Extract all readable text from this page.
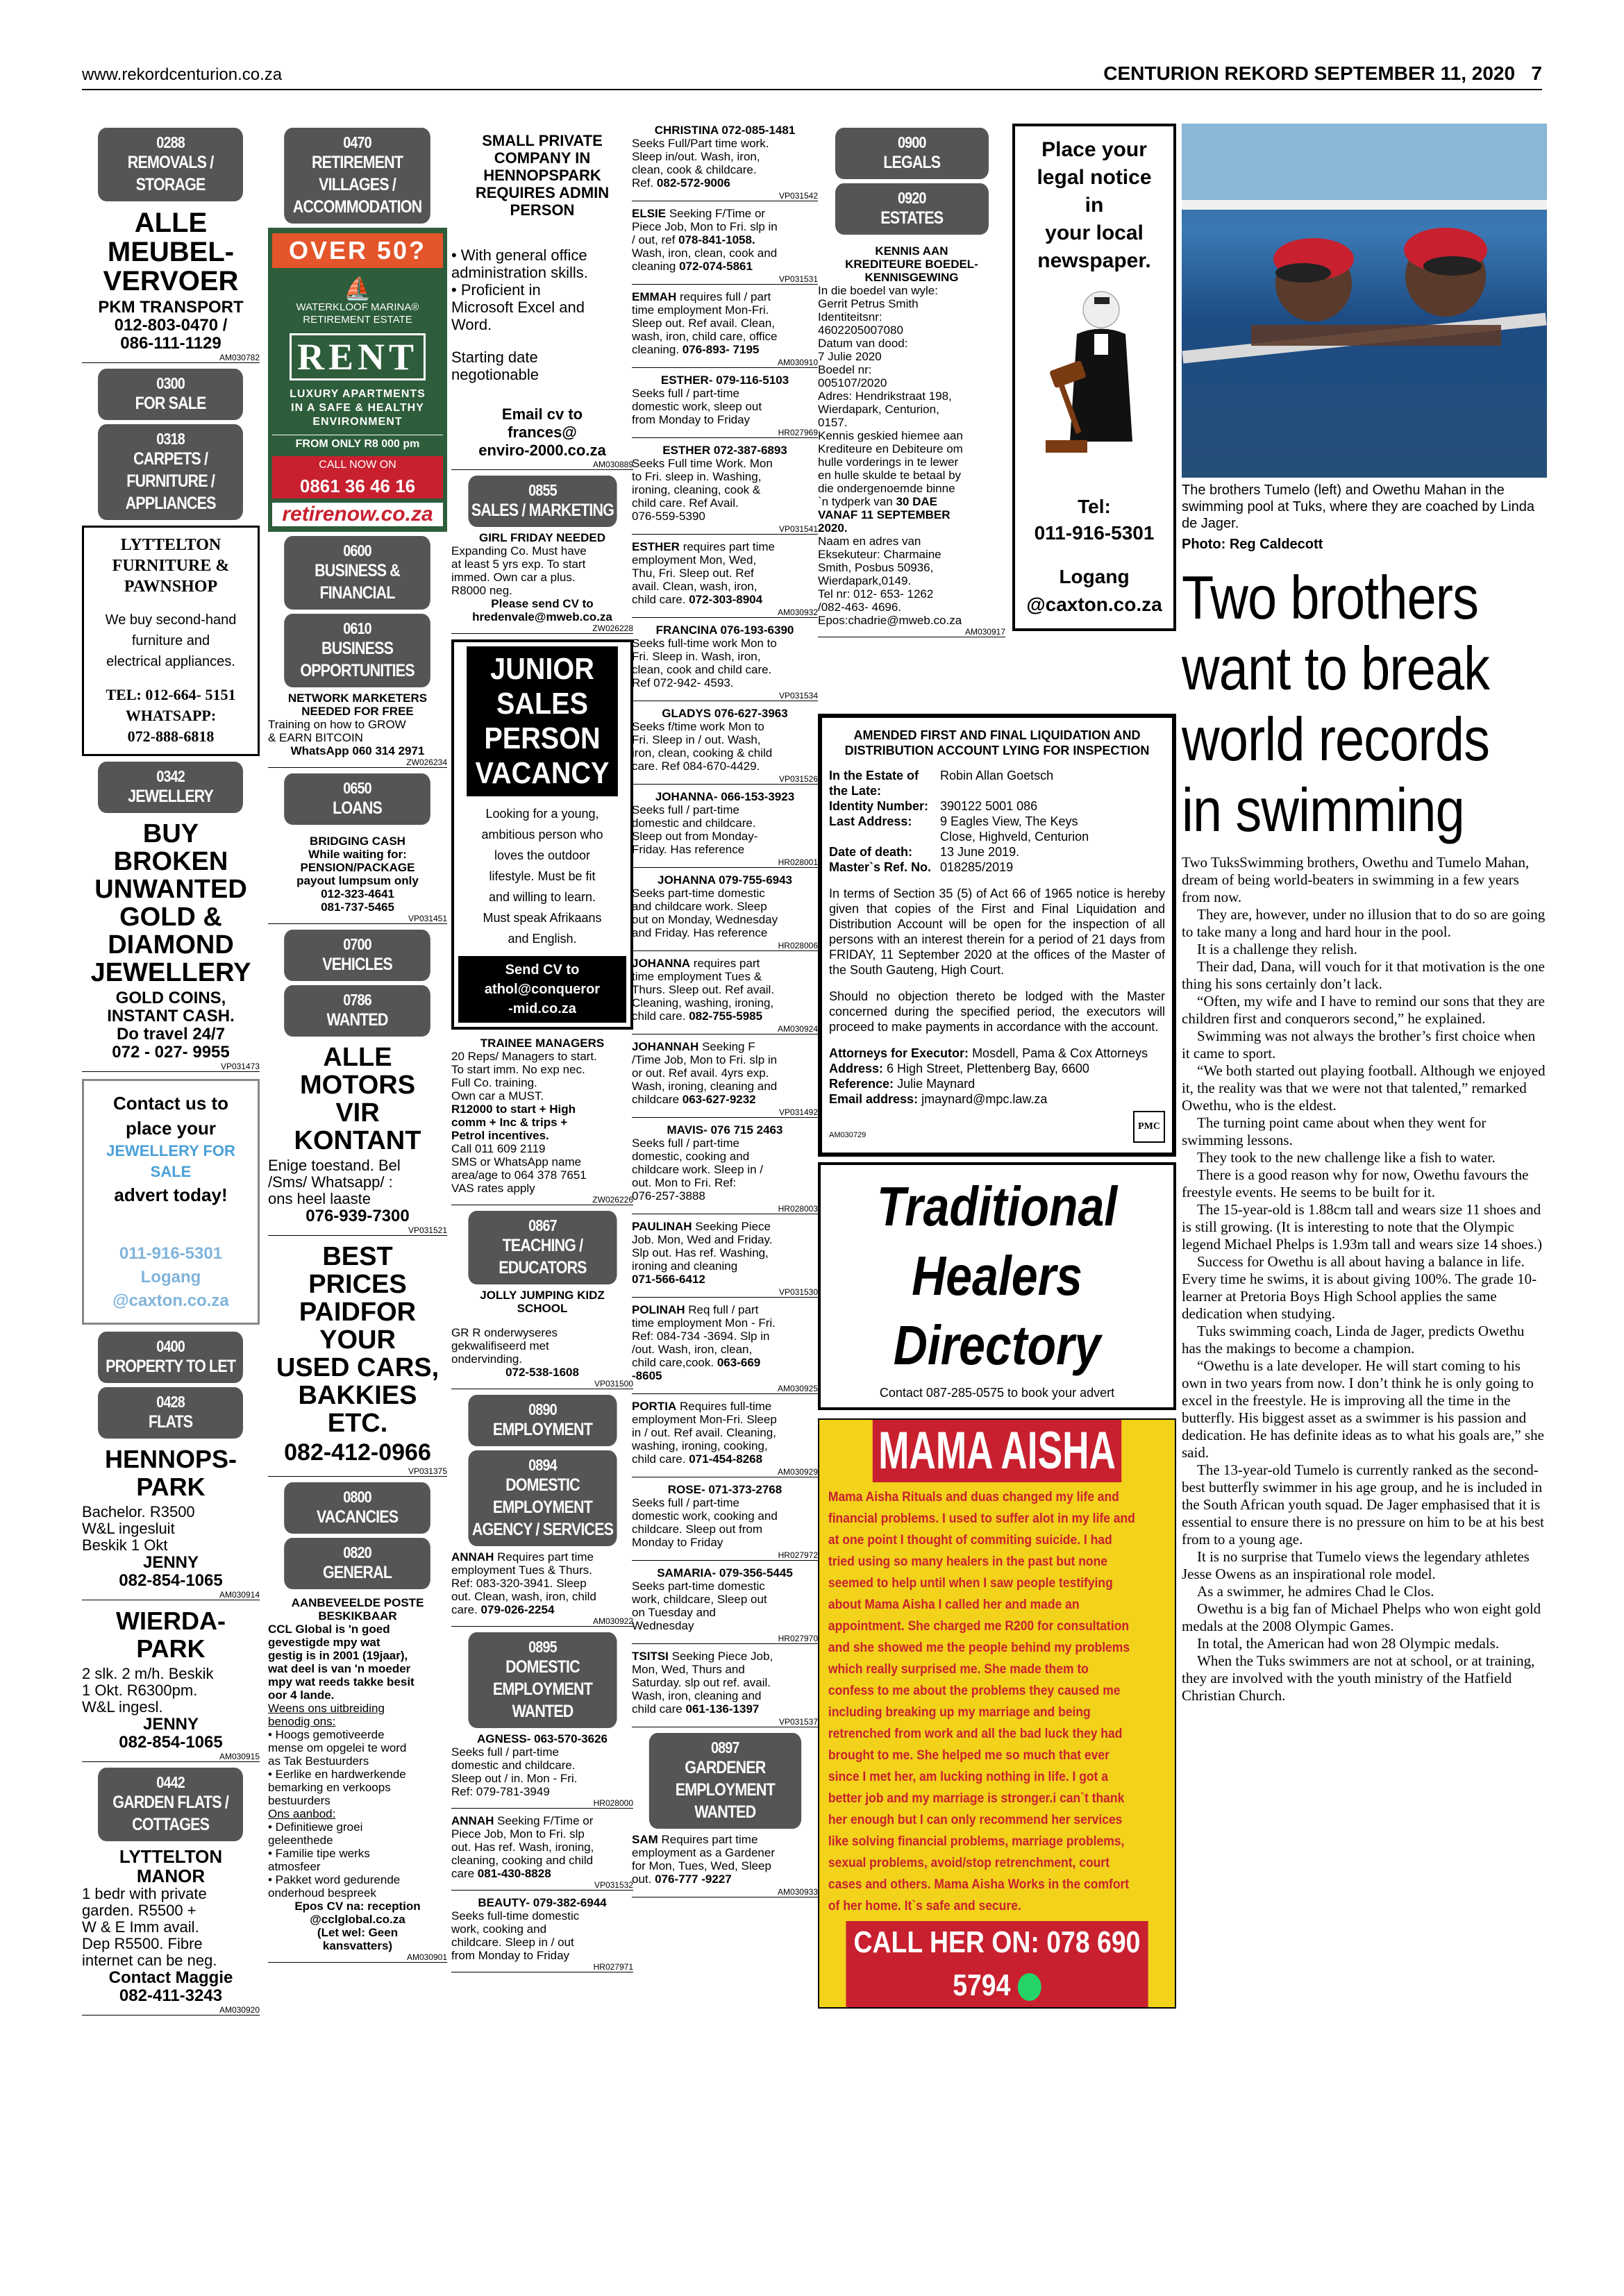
www.rekordcenturion.co.za	CENTURION REKORD SEPTEMBER 11, 2020 7
0288
REMOVALS /
STORAGE
ALLE
MEUBEL-
VERVOER
PKM TRANSPORT
012-803-0470 /
086-111-1129
AM030782
0300
FOR SALE
0318
CARPETS /
FURNITURE /
APPLIANCES
LYTTELTON
FURNITURE &
PAWNSHOP
We buy second-hand
furniture and
electrical appliances.
TEL: 012-664- 5151
WHATSAPP:
072-888-6818
0342
JEWELLERY
BUY
BROKEN
UNWANTED
GOLD &
DIAMOND
JEWELLERY
GOLD COINS,
INSTANT CASH.
Do travel 24/7
072 - 027- 9955
VP031473
Contact us to
place your
JEWELLERY FOR SALE
advert today!
011-916-5301
Logang
@caxton.co.za
0400
PROPERTY TO LET
0428
FLATS
HENNOPS-
PARK
Bachelor. R3500
W&L ingesluit
Beskik 1 Okt
JENNY
082-854-1065
AM030914
WIERDA-
PARK
2 slk. 2 m/h. Beskik
1 Okt. R6300pm.
W&L ingesl.
JENNY
082-854-1065
AM030915
0442
GARDEN FLATS /
COTTAGES
LYTTELTON
MANOR
1 bedr with private
garden. R5500 +
W & E Imm avail.
Dep R5500. Fibre
internet can be neg.
Contact Maggie
082-411-3243
AM030920
0470
RETIREMENT
VILLAGES /
ACCOMMODATION
OVER 50?
⛵
WATERKLOOF MARINA®
RETIREMENT ESTATE
RENT
LUXURY APARTMENTS
IN A SAFE & HEALTHY
ENVIRONMENT
FROM ONLY R8 000 pm
CALL NOW ON
0861 36 46 16
retirenow.co.za
0600
BUSINESS &
FINANCIAL
0610
BUSINESS
OPPORTUNITIES
NETWORK MARKETERS
NEEDED FOR FREE
Training on how to GROW
& EARN BITCOIN
WhatsApp 060 314 2971
ZW026234
0650
LOANS
BRIDGING CASH
While waiting for:
PENSION/PACKAGE
payout lumpsum only
012-323-4641
081-737-5465
VP031451
0700
VEHICLES
0786
WANTED
ALLE
MOTORS
VIR
KONTANT
Enige toestand. Bel
/Sms/ Whatsapp/ :
ons heel laaste
076-939-7300
VP031521
BEST
PRICES
PAIDFOR
YOUR
USED CARS,
BAKKIES
ETC.
082-412-0966
VP031375
0800
VACANCIES
0820
GENERAL
AANBEVEELDE POSTE
BESKIKBAAR
CCL Global is 'n goed
gevestigde mpy wat
gestig is in 2001 (19jaar),
wat deel is van 'n moeder
mpy wat reeds takke besit
oor 4 lande.
Weens ons uitbreiding
benodig ons:
• Hoogs gemotiveerde
mense om opgelei te word
as Tak Bestuurders
• Eerlike en hardwerkende
bemarking en verkoops
bestuurders
Ons aanbod:
• Definitiewe groei
geleenthede
• Familie tipe werks
atmosfeer
• Pakket word gedurende
onderhoud bespreek
Epos CV na: reception
@cclglobal.co.za
(Let wel: Geen
kansvatters)
AM030901
SMALL PRIVATE
COMPANY IN
HENNOPSPARK
REQUIRES ADMIN
PERSON
• With general office
administration skills.
• Proficient in
Microsoft Excel and
Word.
Starting date
negotionable
Email cv to
frances@
enviro-2000.co.za
AM030889
0855
SALES / MARKETING
GIRL FRIDAY NEEDED
Expanding Co. Must have
at least 5 yrs exp. To start
immed. Own car a plus.
R8000 neg.
Please send CV to
hredenvale@mweb.co.za
ZW026228
JUNIOR
SALES
PERSON
VACANCY
Looking for a young,
ambitious person who
loves the outdoor
lifestyle. Must be fit
and willing to learn.
Must speak Afrikaans
and English.
Send CV to
athol@conqueror
-mid.co.za
TRAINEE MANAGERS
20 Reps/ Managers to start.
To start imm. No exp nec.
Full Co. training.
Own car a MUST.
R12000 to start + High
comm + Inc & trips +
Petrol incentives.
Call 011 609 2119
SMS or WhatsApp name
area/age to 064 378 7651
VAS rates apply
ZW026226
0867
TEACHING /
EDUCATORS
JOLLY JUMPING KIDZ
SCHOOL
GR R onderwyseres
gekwalifiseerd met
ondervinding.
072-538-1608
VP031500
0890
EMPLOYMENT
0894
DOMESTIC
EMPLOYMENT
AGENCY / SERVICES
ANNAH Requires part time
employment Tues & Thurs.
Ref: 083-320-3941. Sleep
out. Clean, wash, iron, child
care. 079-026-2254
AM030922
0895
DOMESTIC
EMPLOYMENT
WANTED
AGNESS- 063-570-3626
Seeks full / part-time
domestic and childcare.
Sleep out / in. Mon - Fri.
Ref: 079-781-3949
HR028000
ANNAH Seeking F/Time or
Piece Job, Mon to Fri. slp
out. Has ref. Wash, ironing,
cleaning, cooking and child
care 081-430-8828
VP031532
BEAUTY- 079-382-6944
Seeks full-time domestic
work, cooking and
childcare. Sleep in / out
from Monday to Friday
HR027971
CHRISTINA 072-085-1481
Seeks Full/Part time work.
Sleep in/out. Wash, iron,
clean, cook & childcare.
Ref. 082-572-9006
VP031542
ELSIE Seeking F/Time or
Piece Job, Mon to Fri. slp in
/ out, ref 078-841-1058.
Wash, iron, clean, cook and
cleaning 072-074-5861
VP031531
EMMAH requires full / part
time employment Mon-Fri.
Sleep out. Ref avail. Clean,
wash, iron, child care, office
cleaning. 076-893- 7195
AM030910
ESTHER- 079-116-5103
Seeks full / part-time
domestic work, sleep out
from Monday to Friday
HR027969
ESTHER 072-387-6893
Seeks Full time Work. Mon
to Fri. sleep in. Washing,
ironing, cleaning, cook &
child care. Ref Avail.
076-559-5390
VP031541
ESTHER requires part time
employment Mon, Wed,
Thu, Fri. Sleep out. Ref
avail. Clean, wash, iron,
child care. 072-303-8904
AM030932
FRANCINA 076-193-6390
Seeks full-time work Mon to
Fri. Sleep in. Wash, iron,
clean, cook and child care.
Ref 072-942- 4593.
VP031534
GLADYS 076-627-3963
Seeks f/time work Mon to
Fri. Sleep in / out. Wash,
iron, clean, cooking & child
care. Ref 084-670-4429.
VP031526
JOHANNA- 066-153-3923
Seeks full / part-time
domestic and childcare.
Sleep out from Monday-
Friday. Has reference
HR028001
JOHANNA 079-755-6943
Seeks part-time domestic
and childcare work. Sleep
out on Monday, Wednesday
and Friday. Has reference
HR028006
JOHANNA requires part
time employment Tues &
Thurs. Sleep out. Ref avail.
Cleaning, washing, ironing,
child care. 082-755-5985
AM030924
JOHANNAH Seeking F
/Time Job, Mon to Fri. slp in
or out. Ref avail. 4yrs exp.
Wash, ironing, cleaning and
childcare 063-627-9232
VP031492
MAVIS- 076 715 2463
Seeks full / part-time
domestic, cooking and
childcare work. Sleep in /
out. Mon to Fri. Ref:
076-257-3888
HR028003
PAULINAH Seeking Piece
Job. Mon, Wed and Friday.
Slp out. Has ref. Washing,
ironing and cleaning
071-566-6412
VP031530
POLINAH Req full / part
time employment Mon - Fri.
Ref: 084-734 -3694. Slp in
/out. Wash, iron, clean,
child care,cook. 063-669
-8605
AM030925
PORTIA Requires full-time
employment Mon-Fri. Sleep
in / out. Ref avail. Cleaning,
washing, ironing, cooking,
child care. 071-454-8268
AM030929
ROSE- 071-373-2768
Seeks full / part-time
domestic work, cooking and
childcare. Sleep out from
Monday to Friday
HR027972
SAMARIA- 079-356-5445
Seeks part-time domestic
work, childcare, Sleep out
on Tuesday and
Wednesday
HR027970
TSITSI Seeking Piece Job,
Mon, Wed, Thurs and
Saturday. slp out ref. avail.
Wash, iron, cleaning and
child care 061-136-1397
VP031537
0897
GARDENER
EMPLOYMENT
WANTED
SAM Requires part time
employment as a Gardener
for Mon, Tues, Wed, Sleep
out. 076-777 -9227
AM030933
0900
LEGALS
0920
ESTATES
KENNIS AAN
KREDITEURE BOEDEL-
KENNISGEWING
In die boedel van wyle:
Gerrit Petrus Smith
Identiteitsnr:
4602205007080
Datum van dood:
7 Julie 2020
Boedel nr:
005107/2020
Adres: Hendrikstraat 198,
Wierdapark, Centurion,
0157.
Kennis geskied hiemee aan
Krediteure en Debiteure om
hulle vorderings in te lewer
en hulle skulde te betaal by
die ondergenoemde binne
`n tydperk van 30 DAE
VANAF 11 SEPTEMBER
2020.
Naam en adres van
Eksekuteur: Charmaine
Smith, Posbus 50936,
Wierdapark,0149.
Tel nr: 012- 653- 1262
/082-463- 4696.
Epos:chadrie@mweb.co.za
AM030917
AMENDED FIRST AND FINAL LIQUIDATION AND
DISTRIBUTION ACCOUNT LYING FOR INSPECTION
In the Estate of the Late:	Robin Allan Goetsch
Identity Number:	390122 5001 086
Last Address:	9 Eagles View, The Keys
Close, Highveld, Centurion
Date of death:	13 June 2019.
Master`s Ref. No.	018285/2019

In terms of Section 35 (5) of Act 66 of 1965 notice is hereby given that copies of the First and Final Liquidation and Distribution Account will be open for the inspection of all persons with an interest therein for a period of 21 days from FRIDAY, 11 September 2020 at the offices of the Master of the South Gauteng, High Court.

Should no objection thereto be lodged with the Master concerned during the specified period, the executors will proceed to make payments in accordance with the account.

Attorneys for Executor: Mosdell, Pama & Cox Attorneys
Address: 6 High Street, Plettenberg Bay, 6600
Reference: Julie Maynard
Email address: jmaynard@mpc.law.za
AM030729
PMC
Traditional
Healers
Directory
Contact 087-285-0575 to book your advert
MAMA AISHA
Mama Aisha Rituals and duas changed my life and financial problems. I used to suffer alot in my life and at one point I thought of commiting suicide. I had tried using so many healers in the past but none seemed to help until when I saw people testifying about Mama Aisha I called her and made an appointment. She charged me R200 for consultation and she showed me the people behind my problems which really surprised me. She made them to confess to me about the problems they caused me including breaking up my marriage and being retrenched from work and all the bad luck they had brought to me. She helped me so much that ever since I met her, am lucking nothing in life. I got a better job and my marriage is stronger.i can`t thank her enough but I can only recommend her services like solving financial problems, marriage problems, sexual problems, avoid/stop retrenchment, court cases and others. Mama Aisha Works in the comfort of her home. It`s safe and secure.
CALL HER ON: 078 690 5794
Place your
legal notice in
your local
newspaper.
Tel:
011-916-5301
Logang
@caxton.co.za
The brothers Tumelo (left) and Owethu Mahan in the swimming pool at Tuks, where they are coached by Linda de Jager.
Photo: Reg Caldecott
Two brothers
want to break
world records
in swimming

Two TuksSwimming brothers, Owethu and Tumelo Mahan, dream of being world-beaters in swimming in a few years from now.

They are, however, under no illusion that to do so are going to take many a long and hard hour in the pool.

It is a challenge they relish.

Their dad, Dana, will vouch for it that motivation is the one thing his sons certainly don’t lack.

“Often, my wife and I have to remind our sons that they are children first and conquerors second,” he explained.

Swimming was not always the brother’s first choice when it came to sport.

“We both started out playing football. Although we enjoyed it, the reality was that we were not that talented,” remarked Owethu, who is the eldest.

The turning point came about when they went for swimming lessons.

They took to the new challenge like a fish to water.

There is a good reason why for now, Owethu favours the freestyle events. He seems to be built for it.

The 15-year-old is 1.88cm tall and wears size 11 shoes and is still growing. (It is interesting to note that the Olympic legend Michael Phelps is 1.93m tall and wears size 14 shoes.)

Success for Owethu is all about having a balance in life. Every time he swims, it is about giving 100%. The grade 10-learner at Pretoria Boys High School applies the same dedication when studying.

Tuks swimming coach, Linda de Jager, predicts Owethu has the makings to become a champion.

“Owethu is a late developer. He will start coming to his own in two years from now. I don’t think he is only going to excel in the freestyle. He is improving all the time in the butterfly. His biggest asset as a swimmer is his passion and dedication. He has definite ideas as to what his goals are,” she said.

The 13-year-old Tumelo is currently ranked as the second-best butterfly swimmer in his age group, and he is included in the South African youth squad. De Jager emphasised that it is essential to ensure there is no pressure on him to be at his best from to a young age.

It is no surprise that Tumelo views the legendary athletes Jesse Owens as an inspirational role model.

As a swimmer, he admires Chad le Clos.

Owethu is a big fan of Michael Phelps who won eight gold medals at the 2008 Olympic Games.

In total, the American had won 28 Olympic medals.

When the Tuks swimmers are not at school, or at training, they are involved with the youth ministry of the Hatfield Christian Church.
